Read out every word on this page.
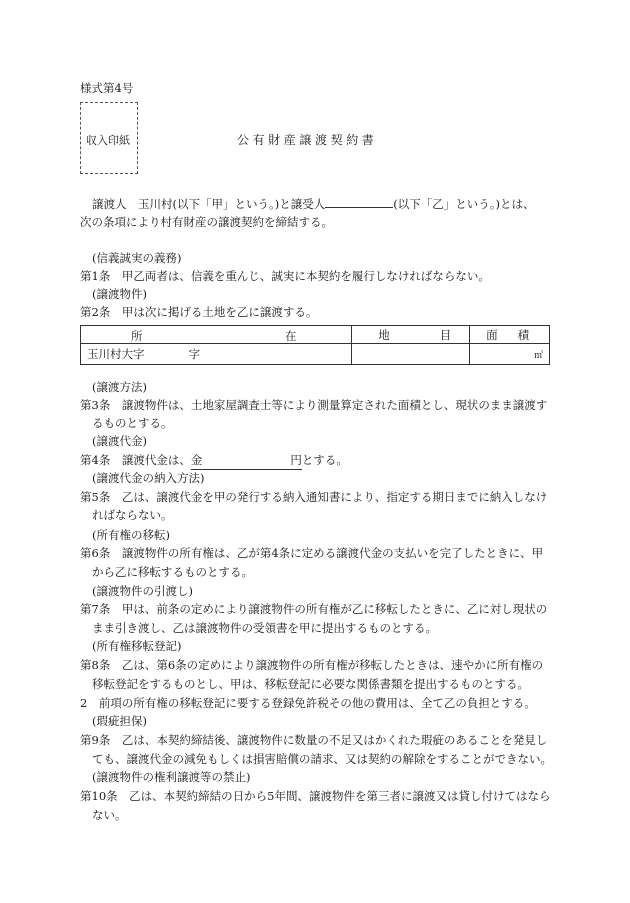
様式第4号
収入印紙	公有財産譲渡契約書
譲渡人　玉川村(以下「甲」という。)と譲受人	(以下「乙」という。)とは、
次の条項により村有財産の譲渡契約を締結する。
(信義誠実の義務)
第1条　甲乙両者は、信義を重んじ、誠実に本契約を履行しなければならない。
(譲渡物件)
第2条　甲は次に掲げる土地を乙に譲渡する。
所 在	地 目	面 積
玉川村大字 字		㎡
(譲渡方法)
第3条　譲渡物件は、土地家屋調査士等により測量算定された面積とし、現状のまま譲渡す
るものとする。
(譲渡代金)
第4条　譲渡代金は、金	円とする。
(譲渡代金の納入方法)
第5条　乙は、譲渡代金を甲の発行する納入通知書により、指定する期日までに納入しなけ
ればならない。
(所有権の移転)
第6条　譲渡物件の所有権は、乙が第4条に定める譲渡代金の支払いを完了したときに、甲
から乙に移転するものとする。
(譲渡物件の引渡し)
第7条　甲は、前条の定めにより譲渡物件の所有権が乙に移転したときに、乙に対し現状の
まま引き渡し、乙は譲渡物件の受領書を甲に提出するものとする。
(所有権移転登記)
第8条　乙は、第6条の定めにより譲渡物件の所有権が移転したときは、速やかに所有権の
移転登記をするものとし、甲は、移転登記に必要な関係書類を提出するものとする。
2　前項の所有権の移転登記に要する登録免許税その他の費用は、全て乙の負担とする。
(瑕疵担保)
第9条　乙は、本契約締結後、譲渡物件に数量の不足又はかくれた瑕疵のあることを発見し
ても、譲渡代金の減免もしくは損害賠償の請求、又は契約の解除をすることができない。
(譲渡物件の権利譲渡等の禁止)
第10条　乙は、本契約締結の日から5年間、譲渡物件を第三者に譲渡又は貸し付けてはなら
ない。
